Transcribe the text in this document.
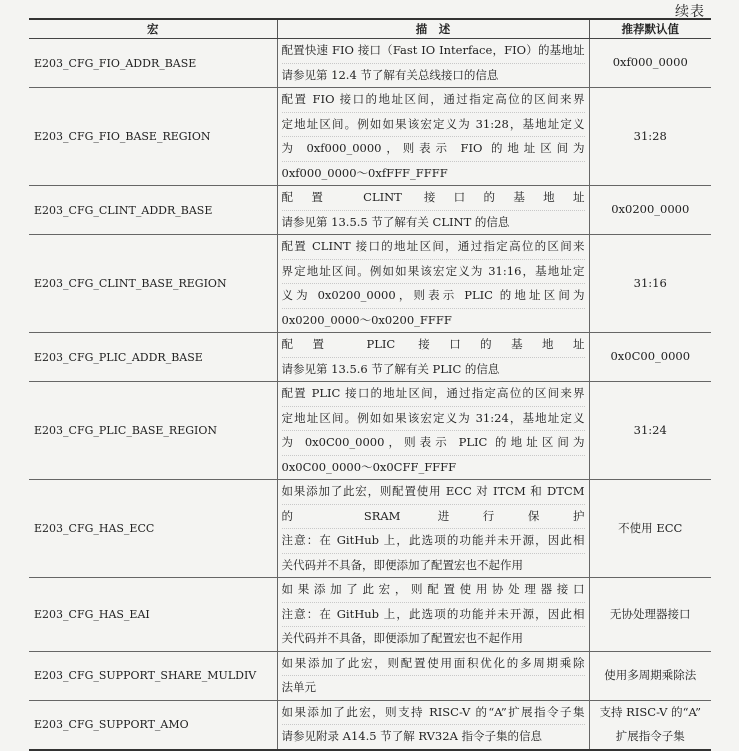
续表
宏	描　述	推荐默认值
E203_CFG_FIO_ADDR_BASE	配置快速 FIO 接口（Fast IO Interface，FIO）的基地址
请参见第 12.4 节了解有关总线接口的信息	0xf000_0000

E203_CFG_FIO_BASE_REGION	配置 FIO 接口的地址区间，通过指定高位的区间来界
定地址区间。例如如果该宏定义为 31:28，基地址定义
为 0xf000_0000，则表示 FIO 的地址区间为
0xf000_0000～0xfFFF_FFFF	31:28

E203_CFG_CLINT_ADDR_BASE	配置 CLINT 接口的基地址
请参见第 13.5.5 节了解有关 CLINT 的信息	0x0200_0000

E203_CFG_CLINT_BASE_REGION	配置 CLINT 接口的地址区间，通过指定高位的区间来
界定地址区间。例如如果该宏定义为 31:16，基地址定
义为 0x0200_0000，则表示 PLIC 的地址区间为
0x0200_0000～0x0200_FFFF	31:16

E203_CFG_PLIC_ADDR_BASE	配置 PLIC 接口的基地址
请参见第 13.5.6 节了解有关 PLIC 的信息	0x0C00_0000

E203_CFG_PLIC_BASE_REGION	配置 PLIC 接口的地址区间，通过指定高位的区间来界
定地址区间。例如如果该宏定义为 31:24，基地址定义
为 0x0C00_0000，则表示 PLIC 的地址区间为
0x0C00_0000～0x0CFF_FFFF	31:24

E203_CFG_HAS_ECC	如果添加了此宏，则配置使用 ECC 对 ITCM 和 DTCM
的 SRAM 进行保护
注意：在 GitHub 上，此选项的功能并未开源，因此相
关代码并不具备，即便添加了配置宏也不起作用	不使用 ECC

E203_CFG_HAS_EAI	如果添加了此宏，则配置使用协处理器接口
注意：在 GitHub 上，此选项的功能并未开源，因此相
关代码并不具备，即便添加了配置宏也不起作用	无协处理器接口

E203_CFG_SUPPORT_SHARE_MULDIV	如果添加了此宏，则配置使用面积优化的多周期乘除
法单元	使用多周期乘除法

E203_CFG_SUPPORT_AMO	如果添加了此宏，则支持 RISC-V 的“A”扩展指令子集
请参见附录 A14.5 节了解 RV32A 指令子集的信息	支持 RISC-V 的“A”
扩展指令子集
